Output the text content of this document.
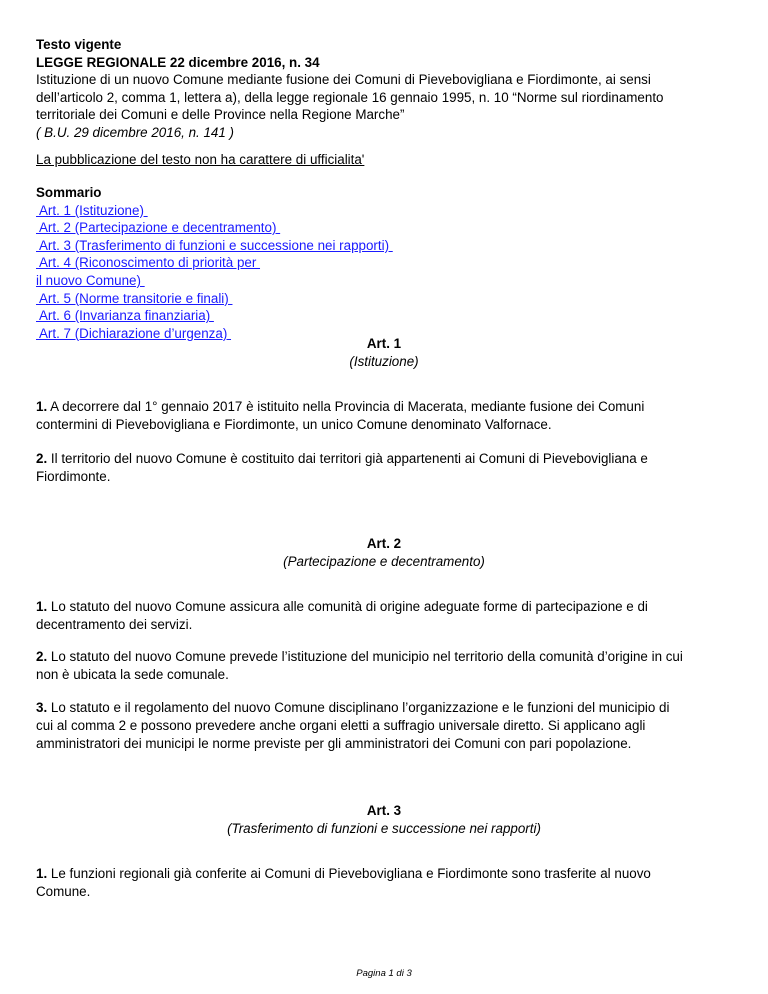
Testo vigente
LEGGE REGIONALE 22 dicembre 2016, n. 34
Istituzione di un nuovo Comune mediante fusione dei Comuni di Pievebovigliana e Fiordimonte, ai sensi
dell’articolo 2, comma 1, lettera a), della legge regionale 16 gennaio 1995, n. 10 “Norme sul riordinamento
territoriale dei Comuni e delle Province nella Regione Marche”
( B.U. 29 dicembre 2016, n. 141 )
La pubblicazione del testo non ha carattere di ufficialita'
Sommario
Art. 1 (Istituzione)
Art. 2 (Partecipazione e decentramento)
Art. 3 (Trasferimento di funzioni e successione nei rapporti)
Art. 4 (Riconoscimento di priorità per
il nuovo Comune)
Art. 5 (Norme transitorie e finali)
Art. 6 (Invarianza finanziaria)
Art. 7 (Dichiarazione d’urgenza)
Art. 1
(Istituzione)
1. A decorrere dal 1° gennaio 2017 è istituito nella Provincia di Macerata, mediante fusione dei Comuni
contermini di Pievebovigliana e Fiordimonte, un unico Comune denominato Valfornace.
2. Il territorio del nuovo Comune è costituito dai territori già appartenenti ai Comuni di Pievebovigliana e
Fiordimonte.
Art. 2
(Partecipazione e decentramento)
1. Lo statuto del nuovo Comune assicura alle comunità di origine adeguate forme di partecipazione e di
decentramento dei servizi.
2. Lo statuto del nuovo Comune prevede l’istituzione del municipio nel territorio della comunità d’origine in cui
non è ubicata la sede comunale.
3. Lo statuto e il regolamento del nuovo Comune disciplinano l’organizzazione e le funzioni del municipio di
cui al comma 2 e possono prevedere anche organi eletti a suffragio universale diretto. Si applicano agli
amministratori dei municipi le norme previste per gli amministratori dei Comuni con pari popolazione.
Art. 3
(Trasferimento di funzioni e successione nei rapporti)
1. Le funzioni regionali già conferite ai Comuni di Pievebovigliana e Fiordimonte sono trasferite al nuovo
Comune.
Pagina 1 di 3
